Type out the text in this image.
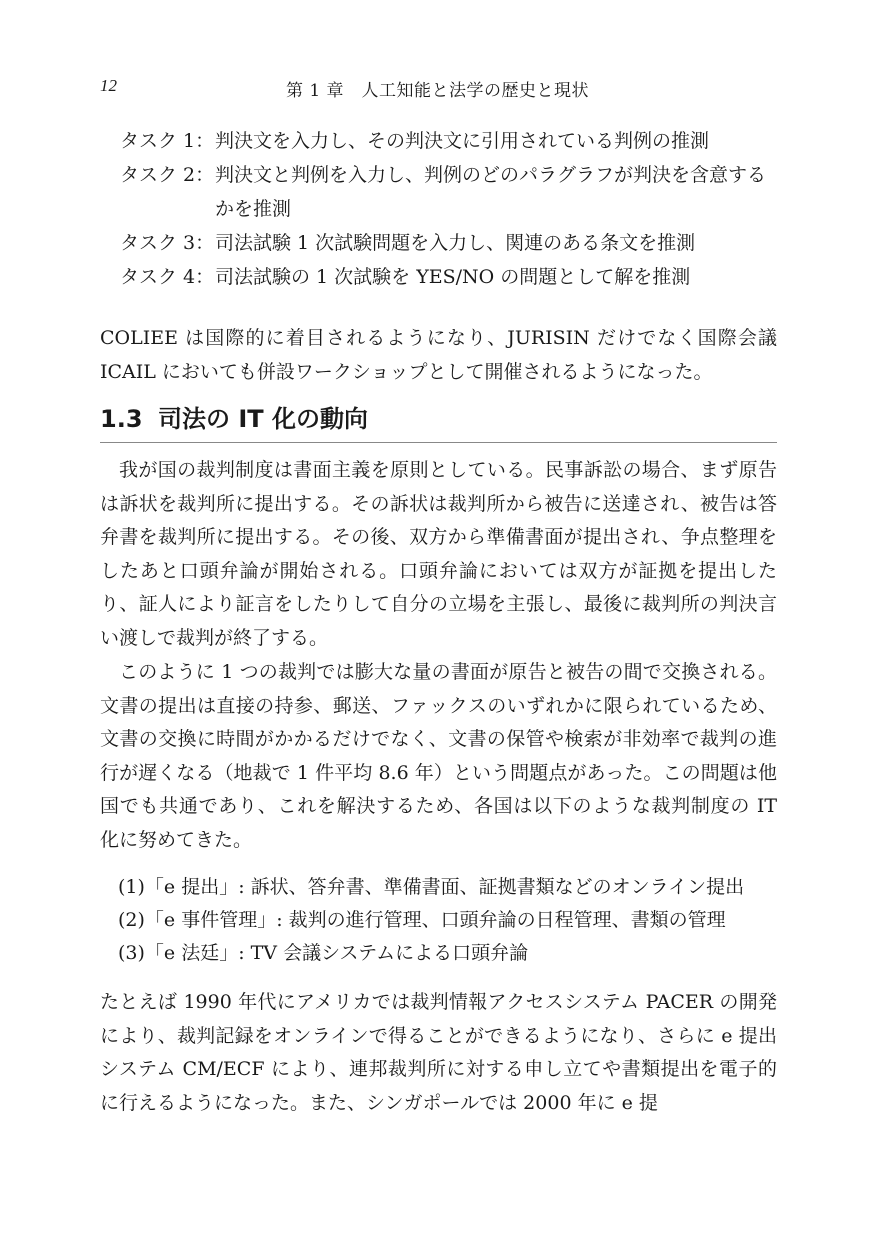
12	第 1 章　人工知能と法学の歴史と現状
タスク 1： 判決文を入力し、その判決文に引用されている判例の推測
タスク 2： 判決文と判例を入力し、判例のどのパラグラフが判決を含意するかを推測
タスク 3： 司法試験 1 次試験問題を入力し、関連のある条文を推測
タスク 4： 司法試験の 1 次試験を YES/NO の問題として解を推測

COLIEE は国際的に着目されるようになり、JURISIN だけでなく国際会議 ICAIL においても併設ワークショップとして開催されるようになった。

1.3 司法の IT 化の動向

我が国の裁判制度は書面主義を原則としている。民事訴訟の場合、まず原告は訴状を裁判所に提出する。その訴状は裁判所から被告に送達され、被告は答弁書を裁判所に提出する。その後、双方から準備書面が提出され、争点整理をしたあと口頭弁論が開始される。口頭弁論においては双方が証拠を提出したり、証人により証言をしたりして自分の立場を主張し、最後に裁判所の判決言い渡しで裁判が終了する。

このように 1 つの裁判では膨大な量の書面が原告と被告の間で交換される。文書の提出は直接の持参、郵送、ファックスのいずれかに限られているため、文書の交換に時間がかかるだけでなく、文書の保管や検索が非効率で裁判の進行が遅くなる（地裁で 1 件平均 8.6 年）という問題点があった。この問題は他国でも共通であり、これを解決するため、各国は以下のような裁判制度の IT 化に努めてきた。

(1)「e 提出」: 訴状、答弁書、準備書面、証拠書類などのオンライン提出
(2)「e 事件管理」: 裁判の進行管理、口頭弁論の日程管理、書類の管理
(3)「e 法廷」: TV 会議システムによる口頭弁論

たとえば 1990 年代にアメリカでは裁判情報アクセスシステム PACER の開発により、裁判記録をオンラインで得ることができるようになり、さらに e 提出システム CM/ECF により、連邦裁判所に対する申し立てや書類提出を電子的に行えるようになった。また、シンガポールでは 2000 年に e 提
